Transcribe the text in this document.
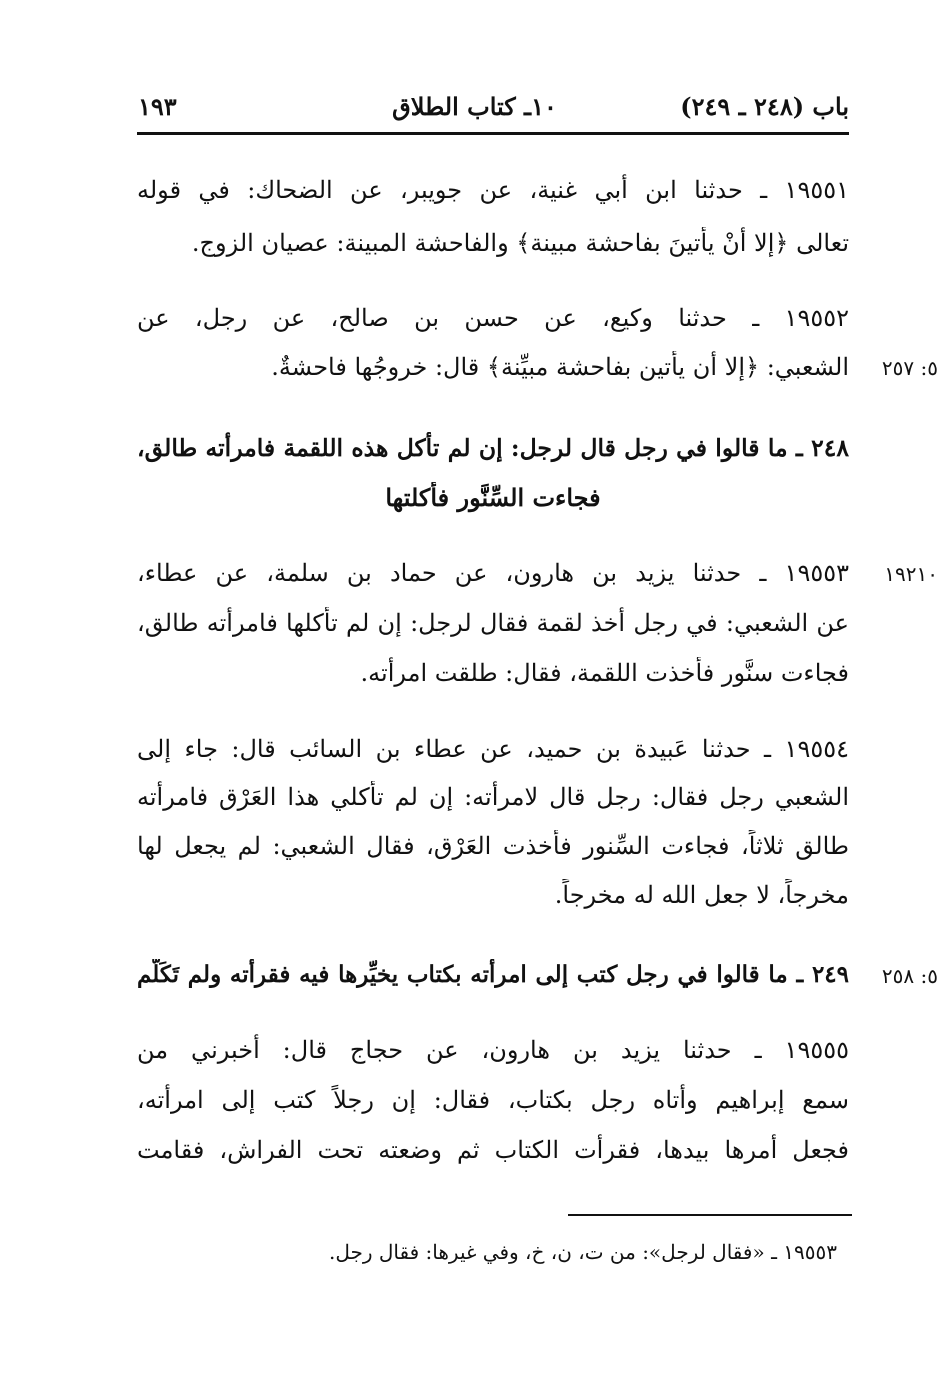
١٩٣	١٠ـ كتاب الطلاق	باب (٢٤٨ ـ ٢٤٩)
١٩٥٥١ ـ حدثنا ابن أبي غنية، عن جويبر، عن الضحاك: في قوله
تعالى ﴿إلا أنْ يأتينَ بفاحشة مبينة﴾ والفاحشة المبينة: عصيان الزوج.
١٩٥٥٢ ـ حدثنا وكيع، عن حسن بن صالح، عن رجل، عن
الشعبي: ﴿إلا أن يأتين بفاحشة مبيِّنة﴾ قال: خروجُها فاحشةٌ.	٥: ٢٥٧
٢٤٨ ـ ما قالوا في رجل قال لرجل: إن لم تأكل هذه اللقمة فامرأته طالق،
فجاءت السِّنَّور فأكلتها
١٩٥٥٣ ـ حدثنا يزيد بن هارون، عن حماد بن سلمة، عن عطاء،	١٩٢١٠
عن الشعبي: في رجل أخذ لقمة فقال لرجل: إن لم تأكلها فامرأته طالق،
فجاءت سنَّور فأخذت اللقمة، فقال: طلقت امرأته.
١٩٥٥٤ ـ حدثنا عَبيدة بن حميد، عن عطاء بن السائب قال: جاء إلى
الشعبي رجل فقال: رجل قال لامرأته: إن لم تأكلي هذا العَرْق فامرأته
طالق ثلاثاً، فجاءت السِّنور فأخذت العَرْق، فقال الشعبي: لم يجعل لها
مخرجاً، لا جعل الله له مخرجاً.
٢٤٩ ـ ما قالوا في رجل كتب إلى امرأته بكتاب يخيِّرها فيه فقرأته ولم تَكَلَّم	٥: ٢٥٨
١٩٥٥٥ ـ حدثنا يزيد بن هارون، عن حجاج قال: أخبرني من
سمع إبراهيم وأتاه رجل بكتاب، فقال: إن رجلاً كتب إلى امرأته،
فجعل أمرها بيدها، فقرأت الكتاب ثم وضعته تحت الفراش، فقامت
١٩٥٥٣ ـ «فقال لرجل»: من ت، ن، خ، وفي غيرها: فقال رجل.
